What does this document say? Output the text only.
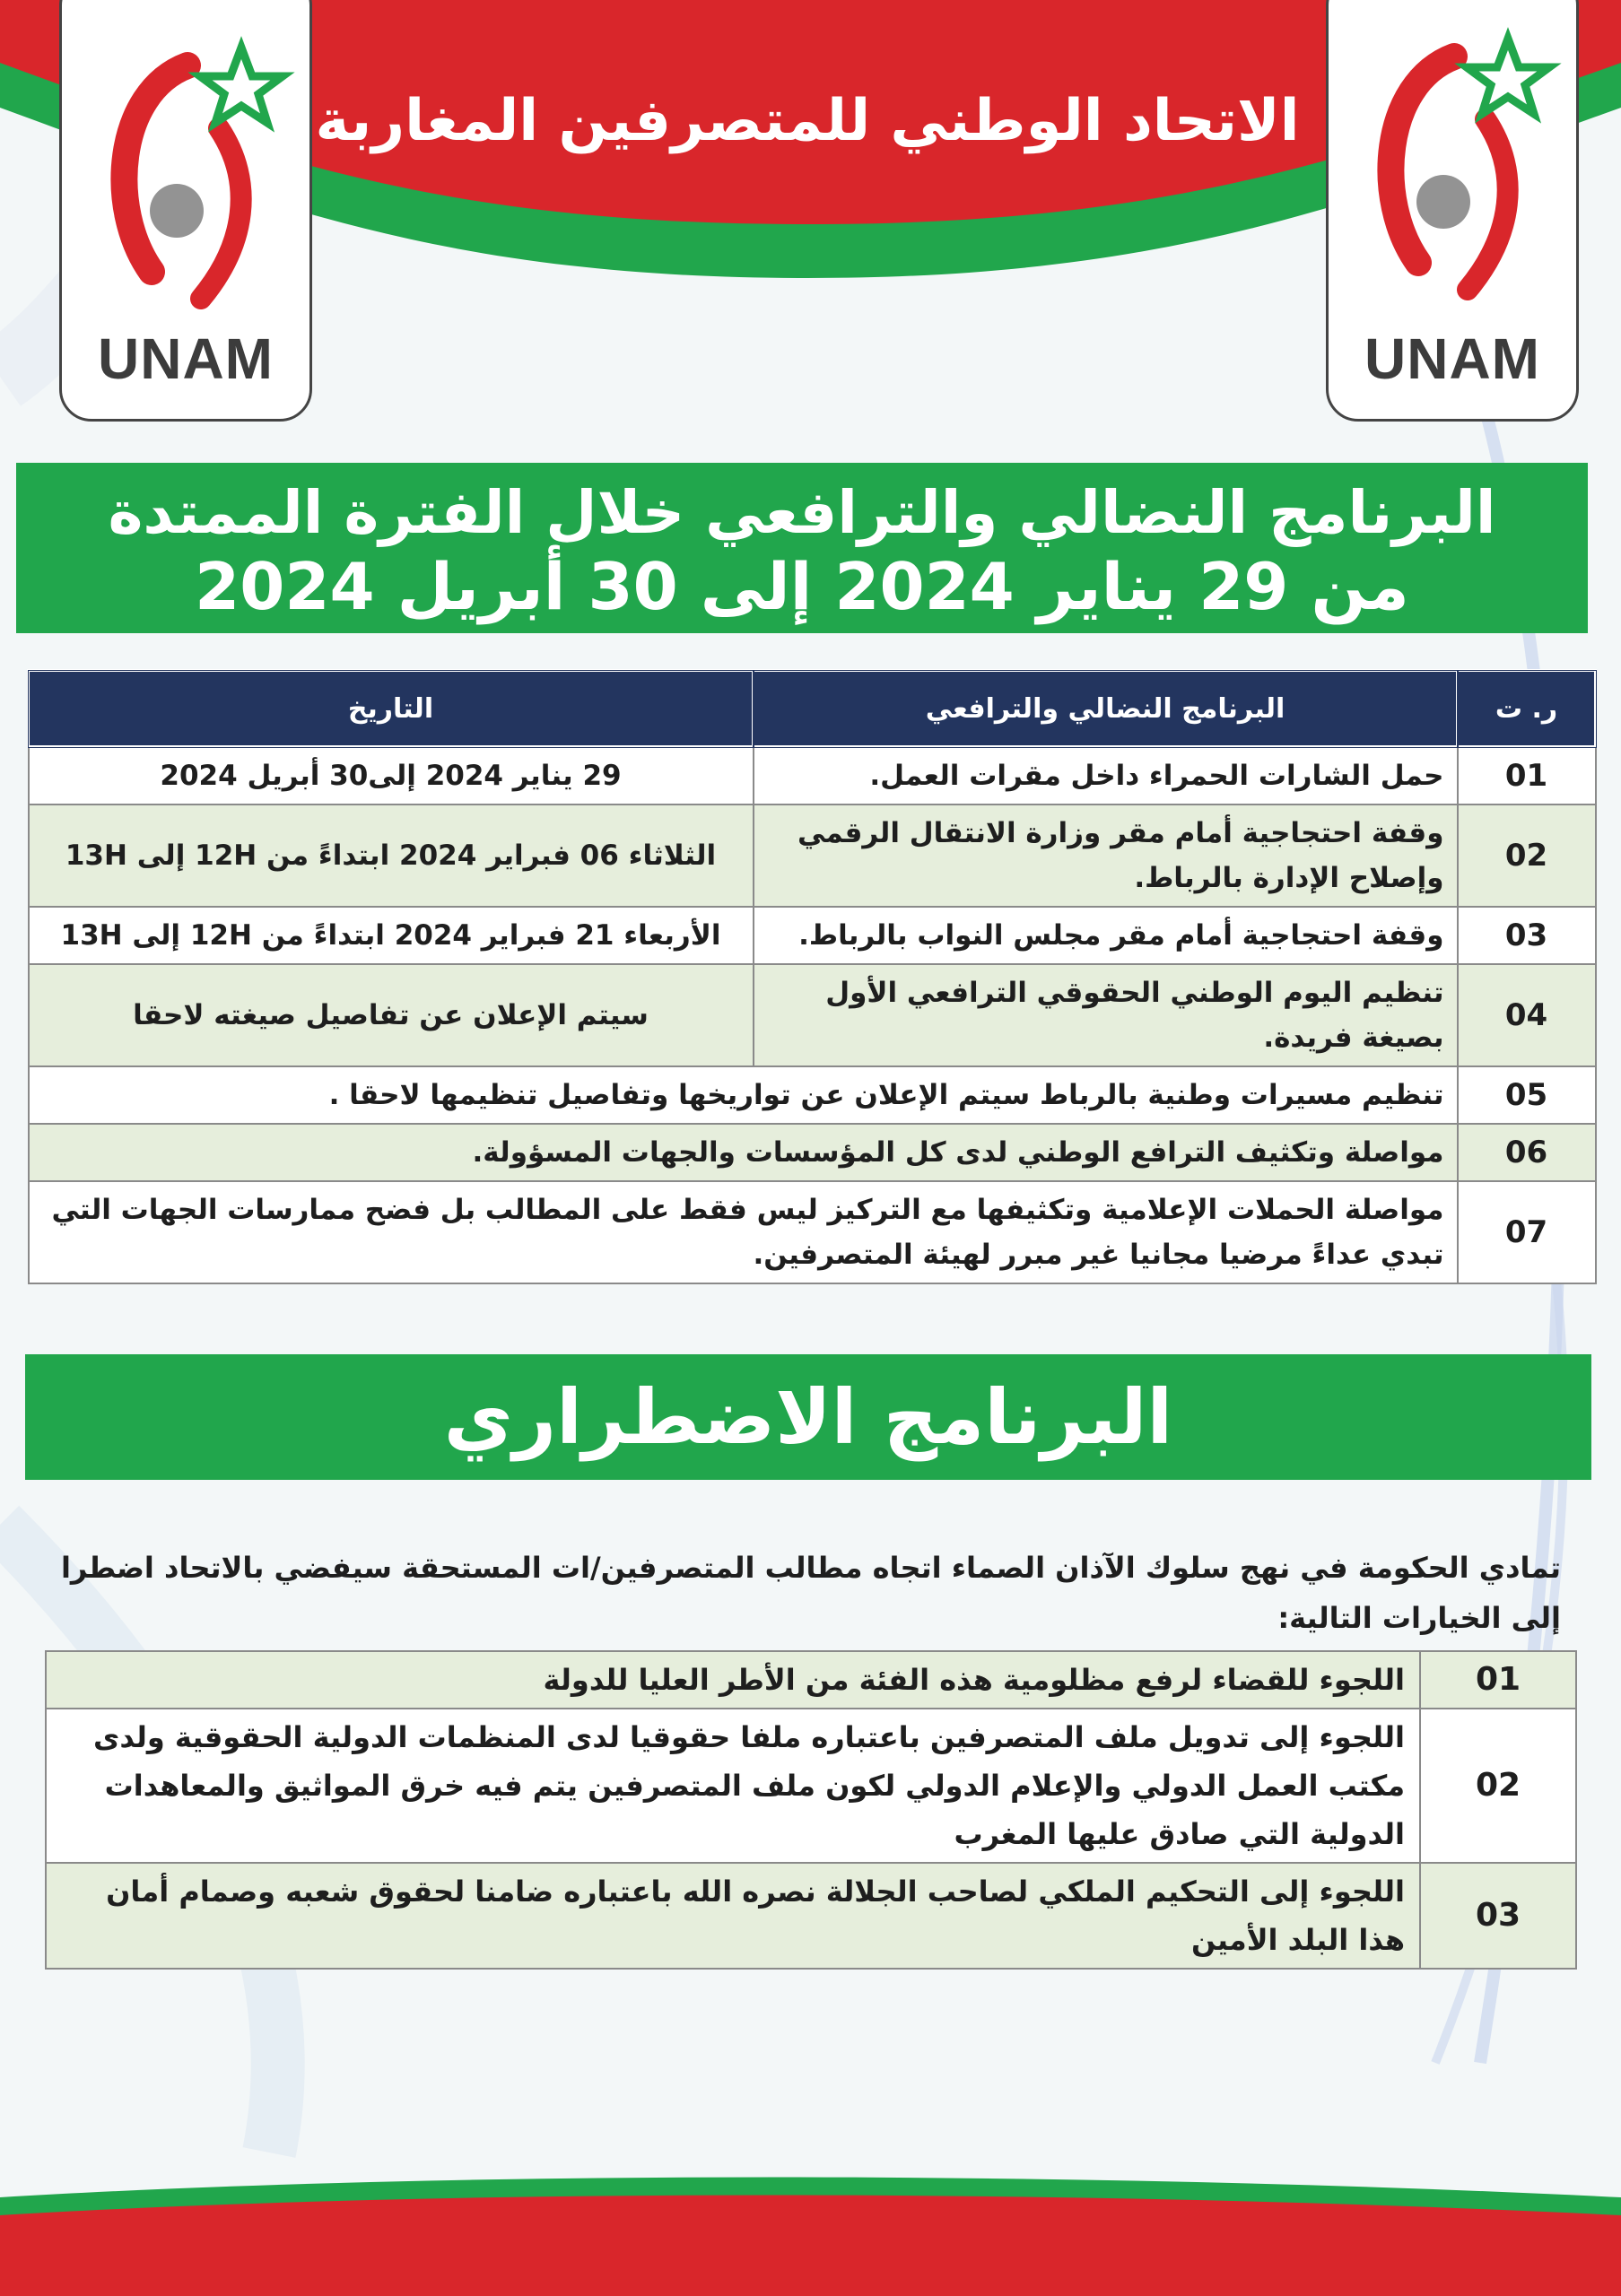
الاتحاد الوطني للمتصرفين المغاربة
UNAM	UNAM
البرنامج النضالي والترافعي خلال الفترة الممتدة
من 29 يناير 2024 إلى 30 أبريل 2024
ر. ت	البرنامج النضالي والترافعي	التاريخ
01	حمل الشارات الحمراء داخل مقرات العمل.	29 يناير 2024 إلى30 أبريل 2024
02	وقفة احتجاجية أمام مقر وزارة الانتقال الرقمي وإصلاح الإدارة بالرباط.	الثلاثاء 06 فبراير 2024 ابتداءً من 12H إلى 13H
03	وقفة احتجاجية أمام مقر مجلس النواب بالرباط.	الأربعاء 21 فبراير 2024 ابتداءً من 12H إلى 13H
04	تنظيم اليوم الوطني الحقوقي الترافعي الأول بصيغة فريدة.	سيتم الإعلان عن تفاصيل صيغته لاحقا
05	تنظيم مسيرات وطنية بالرباط سيتم الإعلان عن تواريخها وتفاصيل تنظيمها لاحقا .	
06	مواصلة وتكثيف الترافع الوطني لدى كل المؤسسات والجهات المسؤولة.	
07	مواصلة الحملات الإعلامية وتكثيفها مع التركيز ليس فقط على المطالب بل فضح ممارسات الجهات التي تبدي عداءً مرضيا مجانيا غير مبرر لهيئة المتصرفين.	
البرنامج الاضطراري
تمادي الحكومة في نهج سلوك الآذان الصماء اتجاه مطالب المتصرفين/ات المستحقة سيفضي بالاتحاد اضطرا إلى الخيارات التالية:
01	اللجوء للقضاء لرفع مظلومية هذه الفئة من الأطر العليا للدولة
02	اللجوء إلى تدويل ملف المتصرفين باعتباره ملفا حقوقيا لدى المنظمات الدولية الحقوقية ولدى مكتب العمل الدولي والإعلام الدولي لكون ملف المتصرفين يتم فيه خرق المواثيق والمعاهدات الدولية التي صادق عليها المغرب
03	اللجوء إلى التحكيم الملكي لصاحب الجلالة نصره الله باعتباره ضامنا لحقوق شعبه وصمام أمان هذا البلد الأمين
